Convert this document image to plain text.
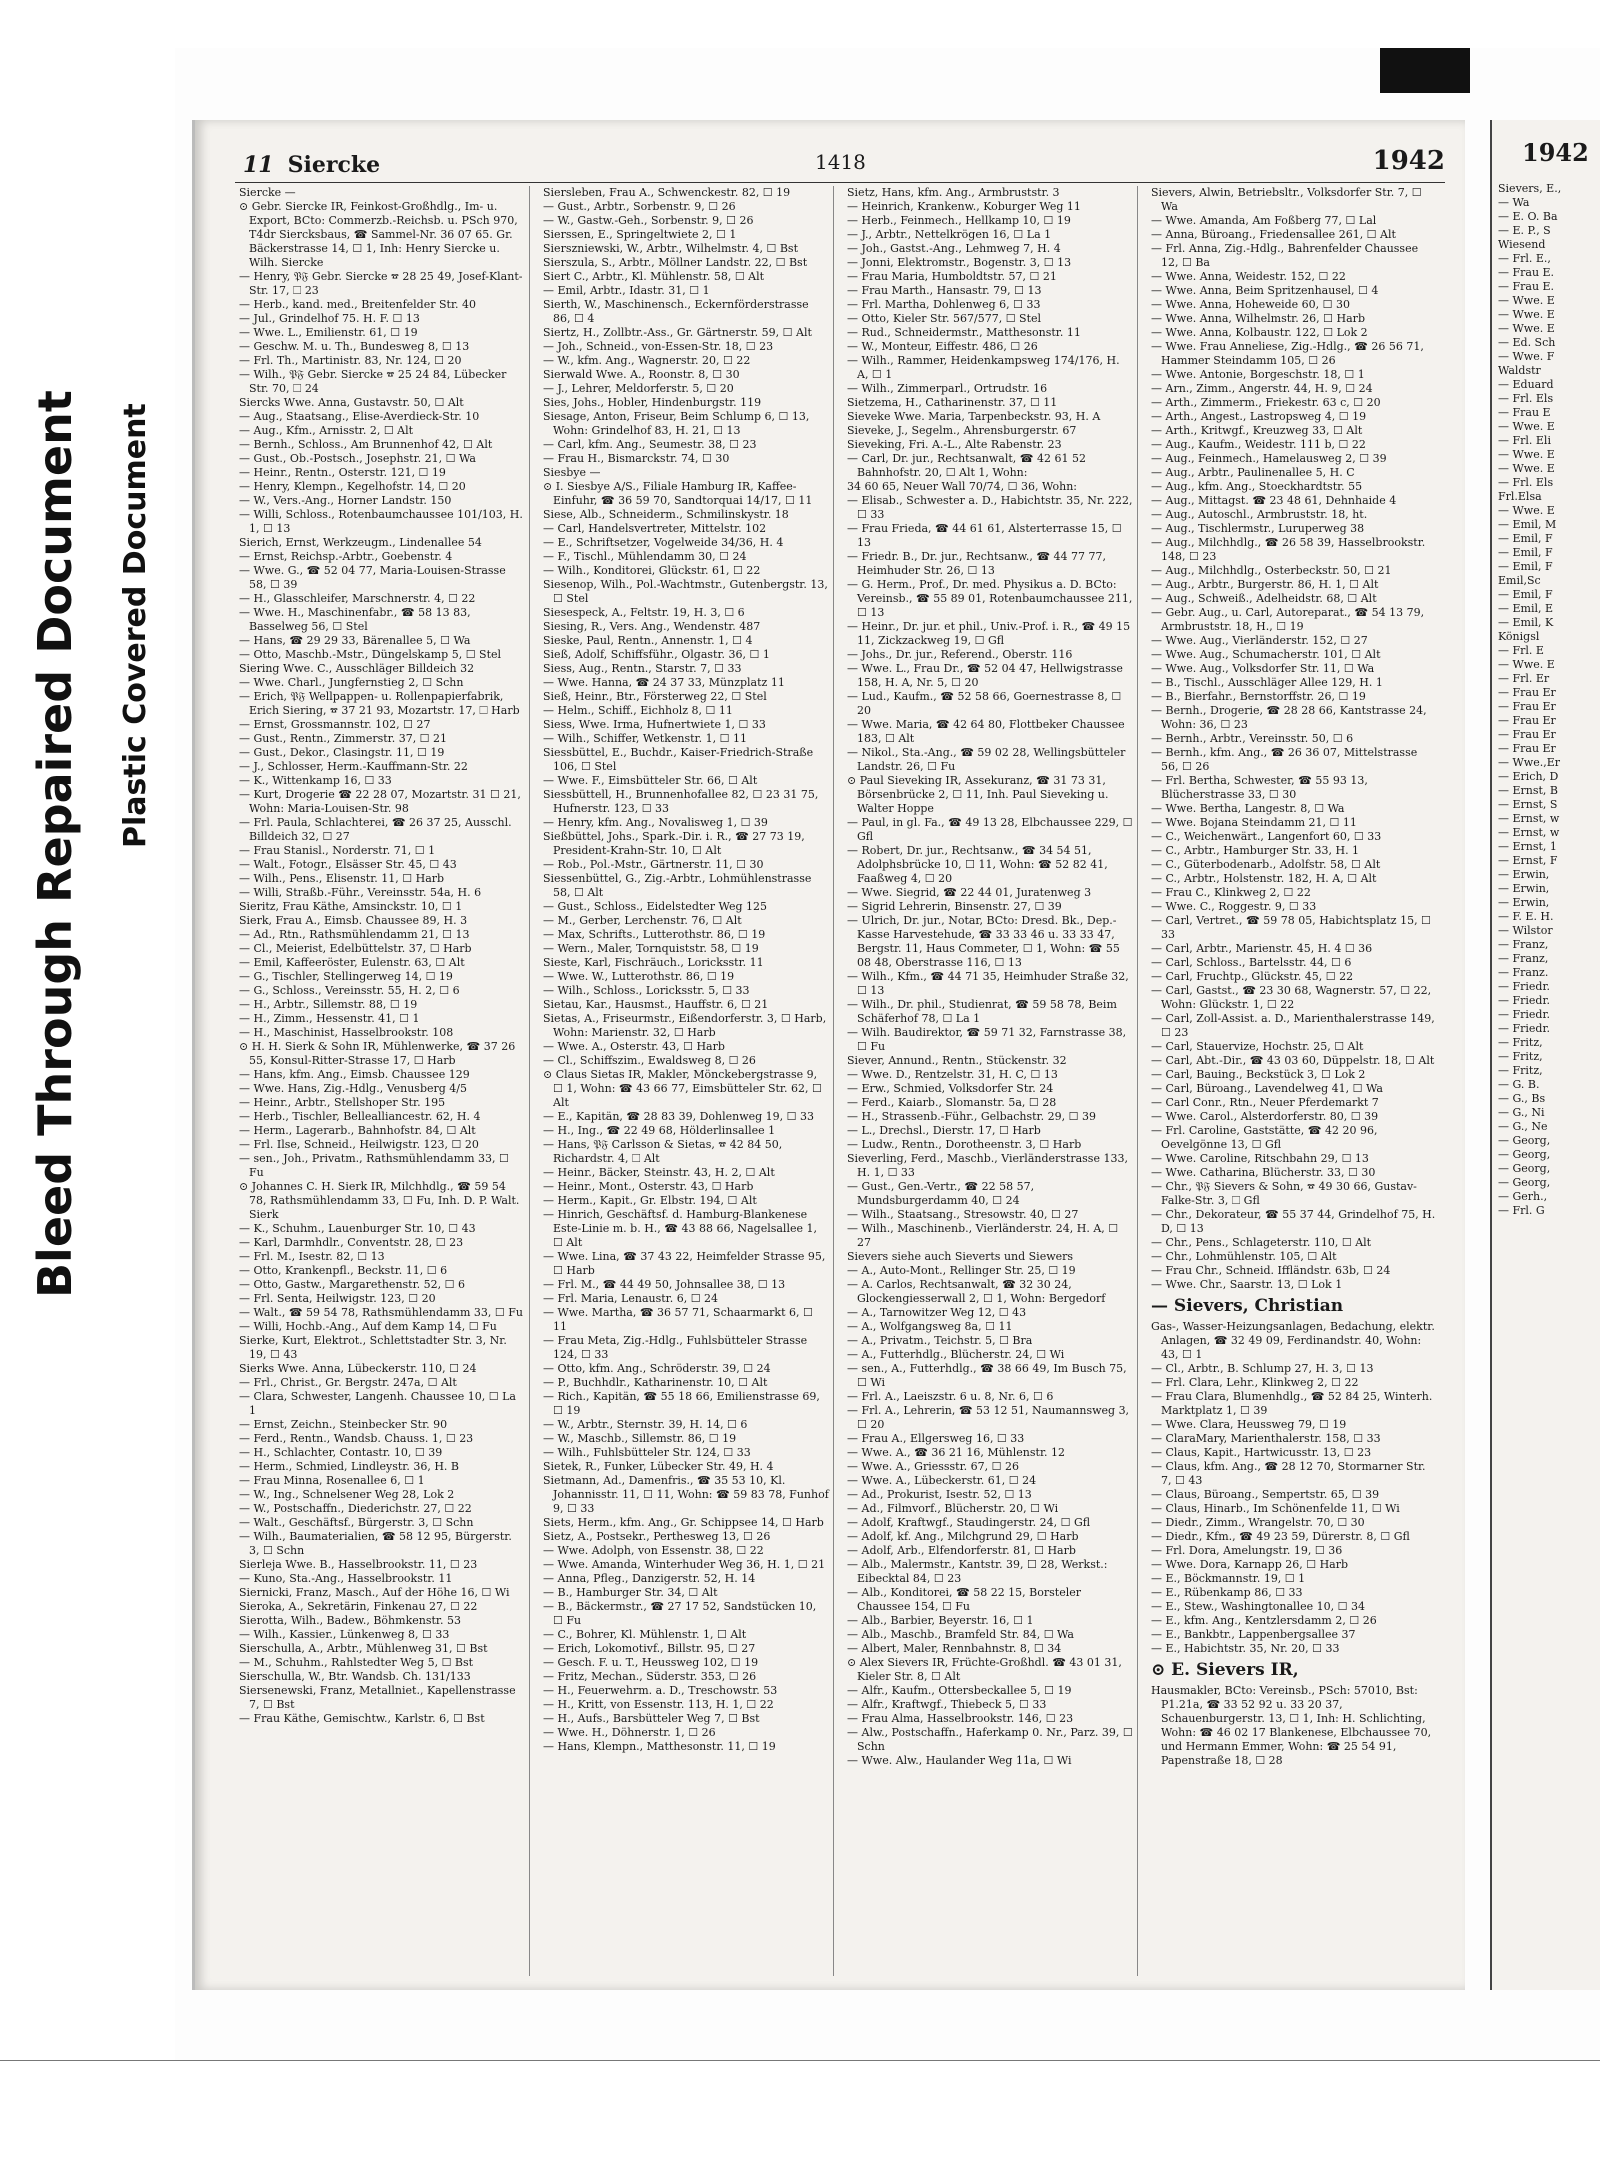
Bleed Through Repaired Document Plastic Covered Document
11 Siercke	1418	1942

Siercke —

⊙ Gebr. Siercke IR, Feinkost-Großhdlg., Im- u. Export, BCto: Commerzb.-Reichsb. u. PSch 970, T4dr Siercksbaus, ☎ Sammel-Nr. 36 07 65. Gr. Bäckerstrasse 14, ☐ 1, Inh: Henry Siercke u. Wilh. Siercke

— Henry, 𝔓𝔉 Gebr. Siercke ☎ 28 25 49, Josef-Klant-Str. 17, ☐ 23

— Herb., kand. med., Breitenfelder Str. 40

— Jul., Grindelhof 75. H. F. ☐ 13

— Wwe. L., Emilienstr. 61, ☐ 19

— Geschw. M. u. Th., Bundesweg 8, ☐ 13

— Frl. Th., Martinistr. 83, Nr. 124, ☐ 20

— Wilh., 𝔓𝔉 Gebr. Siercke ☎ 25 24 84, Lübecker Str. 70, ☐ 24

Siercks Wwe. Anna, Gustavstr. 50, ☐ Alt

— Aug., Staatsang., Elise-Averdieck-Str. 10

— Aug., Kfm., Arnisstr. 2, ☐ Alt

— Bernh., Schloss., Am Brunnenhof 42, ☐ Alt

— Gust., Ob.-Postsch., Josephstr. 21, ☐ Wa

— Heinr., Rentn., Osterstr. 121, ☐ 19

— Henry, Klempn., Kegelhofstr. 14, ☐ 20

— W., Vers.-Ang., Horner Landstr. 150

— Willi, Schloss., Rotenbaumchaussee 101/103, H. 1, ☐ 13

Sierich, Ernst, Werkzeugm., Lindenallee 54

— Ernst, Reichsp.-Arbtr., Goebenstr. 4

— Wwe. G., ☎ 52 04 77, Maria-Louisen-Strasse 58, ☐ 39

— H., Glasschleifer, Marschnerstr. 4, ☐ 22

— Wwe. H., Maschinenfabr., ☎ 58 13 83, Basselweg 56, ☐ Stel

— Hans, ☎ 29 29 33, Bärenallee 5, ☐ Wa

— Otto, Maschb.-Mstr., Düngelskamp 5, ☐ Stel

Siering Wwe. C., Ausschläger Billdeich 32

— Wwe. Charl., Jungfernstieg 2, ☐ Schn

— Erich, 𝔓𝔉 Wellpappen- u. Rollenpapierfabrik, Erich Siering, ☎ 37 21 93, Mozartstr. 17, ☐ Harb

— Ernst, Grossmannstr. 102, ☐ 27

— Gust., Rentn., Zimmerstr. 37, ☐ 21

— Gust., Dekor., Clasingstr. 11, ☐ 19

— J., Schlosser, Herm.-Kauffmann-Str. 22

— K., Wittenkamp 16, ☐ 33

— Kurt, Drogerie ☎ 22 28 07, Mozartstr. 31 ☐ 21, Wohn: Maria-Louisen-Str. 98

— Frl. Paula, Schlachterei, ☎ 26 37 25, Ausschl. Billdeich 32, ☐ 27

— Frau Stanisl., Norderstr. 71, ☐ 1

— Walt., Fotogr., Elsässer Str. 45, ☐ 43

— Wilh., Pens., Elisenstr. 11, ☐ Harb

— Willi, Straßb.-Führ., Vereinsstr. 54a, H. 6

Sieritz, Frau Käthe, Amsinckstr. 10, ☐ 1

Sierk, Frau A., Eimsb. Chaussee 89, H. 3

— Ad., Rtn., Rathsmühlendamm 21, ☐ 13

— Cl., Meierist, Edelbüttelstr. 37, ☐ Harb

— Emil, Kaffeeröster, Eulenstr. 63, ☐ Alt

— G., Tischler, Stellingerweg 14, ☐ 19

— G., Schloss., Vereinsstr. 55, H. 2, ☐ 6

— H., Arbtr., Sillemstr. 88, ☐ 19

— H., Zimm., Hessenstr. 41, ☐ 1

— H., Maschinist, Hasselbrookstr. 108

⊙ H. H. Sierk & Sohn IR, Mühlenwerke, ☎ 37 26 55, Konsul-Ritter-Strasse 17, ☐ Harb

— Hans, kfm. Ang., Eimsb. Chaussee 129

— Wwe. Hans, Zig.-Hdlg., Venusberg 4/5

— Heinr., Arbtr., Stellshoper Str. 195

— Herb., Tischler, Bellealliancestr. 62, H. 4

— Herm., Lagerarb., Bahnhofstr. 84, ☐ Alt

— Frl. Ilse, Schneid., Heilwigstr. 123, ☐ 20

— sen., Joh., Privatm., Rathsmühlendamm 33, ☐ Fu

⊙ Johannes C. H. Sierk IR, Milchhdlg., ☎ 59 54 78, Rathsmühlendamm 33, ☐ Fu, Inh. D. P. Walt. Sierk

— K., Schuhm., Lauenburger Str. 10, ☐ 43

— Karl, Darmhdlr., Conventstr. 28, ☐ 23

— Frl. M., Isestr. 82, ☐ 13

— Otto, Krankenpfl., Beckstr. 11, ☐ 6

— Otto, Gastw., Margarethenstr. 52, ☐ 6

— Frl. Senta, Heilwigstr. 123, ☐ 20

— Walt., ☎ 59 54 78, Rathsmühlendamm 33, ☐ Fu

— Willi, Hochb.-Ang., Auf dem Kamp 14, ☐ Fu

Sierke, Kurt, Elektrot., Schlettstadter Str. 3, Nr. 19, ☐ 43

Sierks Wwe. Anna, Lübeckerstr. 110, ☐ 24

— Frl., Christ., Gr. Bergstr. 247a, ☐ Alt

— Clara, Schwester, Langenh. Chaussee 10, ☐ La 1

— Ernst, Zeichn., Steinbecker Str. 90

— Ferd., Rentn., Wandsb. Chauss. 1, ☐ 23

— H., Schlachter, Contastr. 10, ☐ 39

— Herm., Schmied, Lindleystr. 36, H. B

— Frau Minna, Rosenallee 6, ☐ 1

— W., Ing., Schnelsener Weg 28, Lok 2

— W., Postschaffn., Diederichstr. 27, ☐ 22

— Walt., Geschäftsf., Bürgerstr. 3, ☐ Schn

— Wilh., Baumaterialien, ☎ 58 12 95, Bürgerstr. 3, ☐ Schn

Sierleja Wwe. B., Hasselbrookstr. 11, ☐ 23

— Kuno, Sta.-Ang., Hasselbrookstr. 11

Siernicki, Franz, Masch., Auf der Höhe 16, ☐ Wi

Sieroka, A., Sekretärin, Finkenau 27, ☐ 22

Sierotta, Wilh., Badew., Böhmkenstr. 53

— Wilh., Kassier., Lünkenweg 8, ☐ 33

Sierschulla, A., Arbtr., Mühlenweg 31, ☐ Bst

— M., Schuhm., Rahlstedter Weg 5, ☐ Bst

Sierschulla, W., Btr. Wandsb. Ch. 131/133

Siersenewski, Franz, Metallniet., Kapellenstrasse 7, ☐ Bst

— Frau Käthe, Gemischtw., Karlstr. 6, ☐ Bst

Siersleben, Frau A., Schwenckestr. 82, ☐ 19

— Gust., Arbtr., Sorbenstr. 9, ☐ 26

— W., Gastw.-Geh., Sorbenstr. 9, ☐ 26

Sierssen, E., Springeltwiete 2, ☐ 1

Sierszniewski, W., Arbtr., Wilhelmstr. 4, ☐ Bst

Sierszula, S., Arbtr., Möllner Landstr. 22, ☐ Bst

Siert C., Arbtr., Kl. Mühlenstr. 58, ☐ Alt

— Emil, Arbtr., Idastr. 31, ☐ 1

Sierth, W., Maschinensch., Eckernförderstrasse 86, ☐ 4

Siertz, H., Zollbtr.-Ass., Gr. Gärtnerstr. 59, ☐ Alt

— Joh., Schneid., von-Essen-Str. 18, ☐ 23

— W., kfm. Ang., Wagnerstr. 20, ☐ 22

Sierwald Wwe. A., Roonstr. 8, ☐ 30

— J., Lehrer, Meldorferstr. 5, ☐ 20

Sies, Johs., Hobler, Hindenburgstr. 119

Siesage, Anton, Friseur, Beim Schlump 6, ☐ 13, Wohn: Grindelhof 83, H. 21, ☐ 13

— Carl, kfm. Ang., Seumestr. 38, ☐ 23

— Frau H., Bismarckstr. 74, ☐ 30

Siesbye —

⊙ I. Siesbye A/S., Filiale Hamburg IR, Kaffee-Einfuhr, ☎ 36 59 70, Sandtorquai 14/17, ☐ 11

Siese, Alb., Schneiderm., Schmilinskystr. 18

— Carl, Handelsvertreter, Mittelstr. 102

— E., Schriftsetzer, Vogelweide 34/36, H. 4

— F., Tischl., Mühlendamm 30, ☐ 24

— Wilh., Konditorei, Glückstr. 61, ☐ 22

Siesenop, Wilh., Pol.-Wachtmstr., Gutenbergstr. 13, ☐ Stel

Siesespeck, A., Feltstr. 19, H. 3, ☐ 6

Siesing, R., Vers. Ang., Wendenstr. 487

Sieske, Paul, Rentn., Annenstr. 1, ☐ 4

Sieß, Adolf, Schiffsführ., Olgastr. 36, ☐ 1

Siess, Aug., Rentn., Starstr. 7, ☐ 33

— Wwe. Hanna, ☎ 24 37 33, Münzplatz 11

Sieß, Heinr., Btr., Försterweg 22, ☐ Stel

— Helm., Schiff., Eichholz 8, ☐ 11

Siess, Wwe. Irma, Hufnertwiete 1, ☐ 33

— Wilh., Schiffer, Wetkenstr. 1, ☐ 11

Siessbüttel, E., Buchdr., Kaiser-Friedrich-Straße 106, ☐ Stel

— Wwe. F., Eimsbütteler Str. 66, ☐ Alt

Siessbüttell, H., Brunnenhofallee 82, ☐ 23 31 75, Hufnerstr. 123, ☐ 33

— Henry, kfm. Ang., Novalisweg 1, ☐ 39

Sießbüttel, Johs., Spark.-Dir. i. R., ☎ 27 73 19, President-Krahn-Str. 10, ☐ Alt

— Rob., Pol.-Mstr., Gärtnerstr. 11, ☐ 30

Siessenbüttel, G., Zig.-Arbtr., Lohmühlenstrasse 58, ☐ Alt

— Gust., Schloss., Eidelstedter Weg 125

— M., Gerber, Lerchenstr. 76, ☐ Alt

— Max, Schrifts., Lutterothstr. 86, ☐ 19

— Wern., Maler, Tornquiststr. 58, ☐ 19

Sieste, Karl, Fischräuch., Loricksstr. 11

— Wwe. W., Lutterothstr. 86, ☐ 19

— Wilh., Schloss., Loricksstr. 5, ☐ 33

Sietau, Kar., Hausmst., Hauffstr. 6, ☐ 21

Sietas, A., Friseurmstr., Eißendorferstr. 3, ☐ Harb, Wohn: Marienstr. 32, ☐ Harb

— Wwe. A., Osterstr. 43, ☐ Harb

— Cl., Schiffszim., Ewaldsweg 8, ☐ 26

⊙ Claus Sietas IR, Makler, Mönckebergstrasse 9, ☐ 1, Wohn: ☎ 43 66 77, Eimsbütteler Str. 62, ☐ Alt

— E., Kapitän, ☎ 28 83 39, Dohlenweg 19, ☐ 33

— H., Ing., ☎ 22 49 68, Hölderlinsallee 1

— Hans, 𝔓𝔉 Carlsson & Sietas, ☎ 42 84 50, Richardstr. 4, ☐ Alt

— Heinr., Bäcker, Steinstr. 43, H. 2, ☐ Alt

— Heinr., Mont., Osterstr. 43, ☐ Harb

— Herm., Kapit., Gr. Elbstr. 194, ☐ Alt

— Hinrich, Geschäftsf. d. Hamburg-Blankenese Este-Linie m. b. H., ☎ 43 88 66, Nagelsallee 1, ☐ Alt

— Wwe. Lina, ☎ 37 43 22, Heimfelder Strasse 95, ☐ Harb

— Frl. M., ☎ 44 49 50, Johnsallee 38, ☐ 13

— Frl. Maria, Lenaustr. 6, ☐ 24

— Wwe. Martha, ☎ 36 57 71, Schaarmarkt 6, ☐ 11

— Frau Meta, Zig.-Hdlg., Fuhlsbütteler Strasse 124, ☐ 33

— Otto, kfm. Ang., Schröderstr. 39, ☐ 24

— P., Buchhdlr., Katharinenstr. 10, ☐ Alt

— Rich., Kapitän, ☎ 55 18 66, Emilienstrasse 69, ☐ 19

— W., Arbtr., Sternstr. 39, H. 14, ☐ 6

— W., Maschb., Sillemstr. 86, ☐ 19

— Wilh., Fuhlsbütteler Str. 124, ☐ 33

Sietek, R., Funker, Lübecker Str. 49, H. 4

Sietmann, Ad., Damenfris., ☎ 35 53 10, Kl. Johannisstr. 11, ☐ 11, Wohn: ☎ 59 83 78, Funhof 9, ☐ 33

Siets, Herm., kfm. Ang., Gr. Schippsee 14, ☐ Harb

Sietz, A., Postsekr., Perthesweg 13, ☐ 26

— Wwe. Adolph, von Essenstr. 38, ☐ 22

— Wwe. Amanda, Winterhuder Weg 36, H. 1, ☐ 21

— Anna, Pfleg., Danzigerstr. 52, H. 14

— B., Hamburger Str. 34, ☐ Alt

— B., Bäckermstr., ☎ 27 17 52, Sandstücken 10, ☐ Fu

— C., Bohrer, Kl. Mühlenstr. 1, ☐ Alt

— Erich, Lokomotivf., Billstr. 95, ☐ 27

— Gesch. F. u. T., Heussweg 102, ☐ 19

— Fritz, Mechan., Süderstr. 353, ☐ 26

— H., Feuerwehrm. a. D., Treschowstr. 53

— H., Kritt, von Essenstr. 113, H. 1, ☐ 22

— H., Aufs., Barsbütteler Weg 7, ☐ Bst

— Wwe. H., Döhnerstr. 1, ☐ 26

— Hans, Klempn., Matthesonstr. 11, ☐ 19

Sietz, Hans, kfm. Ang., Armbruststr. 3

— Heinrich, Krankenw., Koburger Weg 11

— Herb., Feinmech., Hellkamp 10, ☐ 19

— J., Arbtr., Nettelkrögen 16, ☐ La 1

— Joh., Gastst.-Ang., Lehmweg 7, H. 4

— Jonni, Elektromstr., Bogenstr. 3, ☐ 13

— Frau Maria, Humboldtstr. 57, ☐ 21

— Frau Marth., Hansastr. 79, ☐ 13

— Frl. Martha, Dohlenweg 6, ☐ 33

— Otto, Kieler Str. 567/577, ☐ Stel

— Rud., Schneidermstr., Matthesonstr. 11

— W., Monteur, Eiffestr. 486, ☐ 26

— Wilh., Rammer, Heidenkampsweg 174/176, H. A, ☐ 1

— Wilh., Zimmerparl., Ortrudstr. 16

Sietzema, H., Catharinenstr. 37, ☐ 11

Sieveke Wwe. Maria, Tarpenbeckstr. 93, H. A

Sieveke, J., Segelm., Ahrensburgerstr. 67

Sieveking, Fri. A.-L., Alte Rabenstr. 23

— Carl, Dr. jur., Rechtsanwalt, ☎ 42 61 52 Bahnhofstr. 20, ☐ Alt 1, Wohn:

34 60 65, Neuer Wall 70/74, ☐ 36, Wohn:

— Elisab., Schwester a. D., Habichtstr. 35, Nr. 222, ☐ 33

— Frau Frieda, ☎ 44 61 61, Alsterterrasse 15, ☐ 13

— Friedr. B., Dr. jur., Rechtsanw., ☎ 44 77 77, Heimhuder Str. 26, ☐ 13

— G. Herm., Prof., Dr. med. Physikus a. D. BCto: Vereinsb., ☎ 55 89 01, Rotenbaumchaussee 211, ☐ 13

— Heinr., Dr. jur. et phil., Univ.-Prof. i. R., ☎ 49 15 11, Zickzackweg 19, ☐ Gfl

— Johs., Dr. jur., Referend., Oberstr. 116

— Wwe. L., Frau Dr., ☎ 52 04 47, Hellwigstrasse 158, H. A, Nr. 5, ☐ 20

— Lud., Kaufm., ☎ 52 58 66, Goernestrasse 8, ☐ 20

— Wwe. Maria, ☎ 42 64 80, Flottbeker Chaussee 183, ☐ Alt

— Nikol., Sta.-Ang., ☎ 59 02 28, Wellingsbütteler Landstr. 26, ☐ Fu

⊙ Paul Sieveking IR, Assekuranz, ☎ 31 73 31, Börsenbrücke 2, ☐ 11, Inh. Paul Sieveking u. Walter Hoppe

— Paul, in gl. Fa., ☎ 49 13 28, Elbchaussee 229, ☐ Gfl

— Robert, Dr. jur., Rechtsanw., ☎ 34 54 51, Adolphsbrücke 10, ☐ 11, Wohn: ☎ 52 82 41, Faaßweg 4, ☐ 20

— Wwe. Siegrid, ☎ 22 44 01, Juratenweg 3

— Sigrid Lehrerin, Binsenstr. 27, ☐ 39

— Ulrich, Dr. jur., Notar, BCto: Dresd. Bk., Dep.-Kasse Harvestehude, ☎ 33 33 46 u. 33 33 47, Bergstr. 11, Haus Commeter, ☐ 1, Wohn: ☎ 55 08 48, Oberstrasse 116, ☐ 13

— Wilh., Kfm., ☎ 44 71 35, Heimhuder Straße 32, ☐ 13

— Wilh., Dr. phil., Studienrat, ☎ 59 58 78, Beim Schäferhof 78, ☐ La 1

— Wilh. Baudirektor, ☎ 59 71 32, Farnstrasse 38, ☐ Fu

Siever, Annund., Rentn., Stückenstr. 32

— Wwe. D., Rentzelstr. 31, H. C, ☐ 13

— Erw., Schmied, Volksdorfer Str. 24

— Ferd., Kaiarb., Slomanstr. 5a, ☐ 28

— H., Strassenb.-Führ., Gelbachstr. 29, ☐ 39

— L., Drechsl., Dierstr. 17, ☐ Harb

— Ludw., Rentn., Dorotheenstr. 3, ☐ Harb

Sieverling, Ferd., Maschb., Vierländerstrasse 133, H. 1, ☐ 33

— Gust., Gen.-Vertr., ☎ 22 58 57, Mundsburgerdamm 40, ☐ 24

— Wilh., Staatsang., Stresowstr. 40, ☐ 27

— Wilh., Maschinenb., Vierländerstr. 24, H. A, ☐ 27

Sievers siehe auch Sieverts und Siewers

— A., Auto-Mont., Rellinger Str. 25, ☐ 19

— A. Carlos, Rechtsanwalt, ☎ 32 30 24, Glockengiesserwall 2, ☐ 1, Wohn: Bergedorf

— A., Tarnowitzer Weg 12, ☐ 43

— A., Wolfgangsweg 8a, ☐ 11

— A., Privatm., Teichstr. 5, ☐ Bra

— A., Futterhdlg., Blücherstr. 24, ☐ Wi

— sen., A., Futterhdlg., ☎ 38 66 49, Im Busch 75, ☐ Wi

— Frl. A., Laeiszstr. 6 u. 8, Nr. 6, ☐ 6

— Frl. A., Lehrerin, ☎ 53 12 51, Naumannsweg 3, ☐ 20

— Frau A., Ellgersweg 16, ☐ 33

— Wwe. A., ☎ 36 21 16, Mühlenstr. 12

— Wwe. A., Griessstr. 67, ☐ 26

— Wwe. A., Lübeckerstr. 61, ☐ 24

— Ad., Prokurist, Isestr. 52, ☐ 13

— Ad., Filmvorf., Blücherstr. 20, ☐ Wi

— Adolf, Kraftwgf., Staudingerstr. 24, ☐ Gfl

— Adolf, kf. Ang., Milchgrund 29, ☐ Harb

— Adolf, Arb., Elfendorferstr. 81, ☐ Harb

— Alb., Malermstr., Kantstr. 39, ☐ 28, Werkst.: Eibecktal 84, ☐ 23

— Alb., Konditorei, ☎ 58 22 15, Borsteler Chaussee 154, ☐ Fu

— Alb., Barbier, Beyerstr. 16, ☐ 1

— Alb., Maschb., Bramfeld Str. 84, ☐ Wa

— Albert, Maler, Rennbahnstr. 8, ☐ 34

⊙ Alex Sievers IR, Früchte-Großhdl. ☎ 43 01 31, Kieler Str. 8, ☐ Alt

— Alfr., Kaufm., Ottersbeckallee 5, ☐ 19

— Alfr., Kraftwgf., Thiebeck 5, ☐ 33

— Frau Alma, Hasselbrookstr. 146, ☐ 23

— Alw., Postschaffn., Haferkamp 0. Nr., Parz. 39, ☐ Schn

— Wwe. Alw., Haulander Weg 11a, ☐ Wi

Sievers, Alwin, Betriebsltr., Volksdorfer Str. 7, ☐ Wa

— Wwe. Amanda, Am Foßberg 77, ☐ Lal

— Anna, Büroang., Friedensallee 261, ☐ Alt

— Frl. Anna, Zig.-Hdlg., Bahrenfelder Chaussee 12, ☐ Ba

— Wwe. Anna, Weidestr. 152, ☐ 22

— Wwe. Anna, Beim Spritzenhausel, ☐ 4

— Wwe. Anna, Hoheweide 60, ☐ 30

— Wwe. Anna, Wilhelmstr. 26, ☐ Harb

— Wwe. Anna, Kolbaustr. 122, ☐ Lok 2

— Wwe. Frau Anneliese, Zig.-Hdlg., ☎ 26 56 71, Hammer Steindamm 105, ☐ 26

— Wwe. Antonie, Borgeschstr. 18, ☐ 1

— Arn., Zimm., Angerstr. 44, H. 9, ☐ 24

— Arth., Zimmerm., Friekestr. 63 c, ☐ 20

— Arth., Angest., Lastropsweg 4, ☐ 19

— Arth., Kritwgf., Kreuzweg 33, ☐ Alt

— Aug., Kaufm., Weidestr. 111 b, ☐ 22

— Aug., Feinmech., Hamelausweg 2, ☐ 39

— Aug., Arbtr., Paulinenallee 5, H. C

— Aug., kfm. Ang., Stoeckhardtstr. 55

— Aug., Mittagst. ☎ 23 48 61, Dehnhaide 4

— Aug., Autoschl., Armbruststr. 18, ht.

— Aug., Tischlermstr., Luruperweg 38

— Aug., Milchhdlg., ☎ 26 58 39, Hasselbrookstr. 148, ☐ 23

— Aug., Milchhdlg., Osterbeckstr. 50, ☐ 21

— Aug., Arbtr., Burgerstr. 86, H. 1, ☐ Alt

— Aug., Schweiß., Adelheidstr. 68, ☐ Alt

— Gebr. Aug., u. Carl, Autoreparat., ☎ 54 13 79, Armbruststr. 18, H., ☐ 19

— Wwe. Aug., Vierländerstr. 152, ☐ 27

— Wwe. Aug., Schumacherstr. 101, ☐ Alt

— Wwe. Aug., Volksdorfer Str. 11, ☐ Wa

— B., Tischl., Ausschläger Allee 129, H. 1

— B., Bierfahr., Bernstorffstr. 26, ☐ 19

— Bernh., Drogerie, ☎ 28 28 66, Kantstrasse 24, Wohn: 36, ☐ 23

— Bernh., Arbtr., Vereinsstr. 50, ☐ 6

— Bernh., kfm. Ang., ☎ 26 36 07, Mittelstrasse 56, ☐ 26

— Frl. Bertha, Schwester, ☎ 55 93 13, Blücherstrasse 33, ☐ 30

— Wwe. Bertha, Langestr. 8, ☐ Wa

— Wwe. Bojana Steindamm 21, ☐ 11

— C., Weichenwärt., Langenfort 60, ☐ 33

— C., Arbtr., Hamburger Str. 33, H. 1

— C., Güterbodenarb., Adolfstr. 58, ☐ Alt

— C., Arbtr., Holstenstr. 182, H. A, ☐ Alt

— Frau C., Klinkweg 2, ☐ 22

— Wwe. C., Roggestr. 9, ☐ 33

— Carl, Vertret., ☎ 59 78 05, Habichtsplatz 15, ☐ 33

— Carl, Arbtr., Marienstr. 45, H. 4 ☐ 36

— Carl, Schloss., Bartelsstr. 44, ☐ 6

— Carl, Fruchtp., Glückstr. 45, ☐ 22

— Carl, Gastst., ☎ 23 30 68, Wagnerstr. 57, ☐ 22, Wohn: Glückstr. 1, ☐ 22

— Carl, Zoll-Assist. a. D., Marienthalerstrasse 149, ☐ 23

— Carl, Stauervize, Hochstr. 25, ☐ Alt

— Carl, Abt.-Dir., ☎ 43 03 60, Düppelstr. 18, ☐ Alt

— Carl, Bauing., Beckstück 3, ☐ Lok 2

— Carl, Büroang., Lavendelweg 41, ☐ Wa

— Carl Conr., Rtn., Neuer Pferdemarkt 7

— Wwe. Carol., Alsterdorferstr. 80, ☐ 39

— Frl. Caroline, Gaststätte, ☎ 42 20 96, Oevelgönne 13, ☐ Gfl

— Wwe. Caroline, Ritschbahn 29, ☐ 13

— Wwe. Catharina, Blücherstr. 33, ☐ 30

— Chr., 𝔓𝔉 Sievers & Sohn, ☎ 49 30 66, Gustav-Falke-Str. 3, ☐ Gfl

— Chr., Dekorateur, ☎ 55 37 44, Grindelhof 75, H. D, ☐ 13

— Chr., Pens., Schlageterstr. 110, ☐ Alt

— Chr., Lohmühlenstr. 105, ☐ Alt

— Frau Chr., Schneid. Iffländstr. 63b, ☐ 24

— Wwe. Chr., Saarstr. 13, ☐ Lok 1

— Sievers, Christian

Gas-, Wasser-Heizungsanlagen, Bedachung, elektr. Anlagen, ☎ 32 49 09, Ferdinandstr. 40, Wohn: 43, ☐ 1

— Cl., Arbtr., B. Schlump 27, H. 3, ☐ 13

— Frl. Clara, Lehr., Klinkweg 2, ☐ 22

— Frau Clara, Blumenhdlg., ☎ 52 84 25, Winterh. Marktplatz 1, ☐ 39

— Wwe. Clara, Heussweg 79, ☐ 19

— ClaraMary, Marienthalerstr. 158, ☐ 33

— Claus, Kapit., Hartwicusstr. 13, ☐ 23

— Claus, kfm. Ang., ☎ 28 12 70, Stormarner Str. 7, ☐ 43

— Claus, Büroang., Sempertstr. 65, ☐ 39

— Claus, Hinarb., Im Schönenfelde 11, ☐ Wi

— Diedr., Zimm., Wrangelstr. 70, ☐ 30

— Diedr., Kfm., ☎ 49 23 59, Dürerstr. 8, ☐ Gfl

— Frl. Dora, Amelungstr. 19, ☐ 36

— Wwe. Dora, Karnapp 26, ☐ Harb

— E., Böckmannstr. 19, ☐ 1

— E., Rübenkamp 86, ☐ 33

— E., Stew., Washingtonallee 10, ☐ 34

— E., kfm. Ang., Kentzlersdamm 2, ☐ 26

— E., Bankbtr., Lappenbergsallee 37

— E., Habichtstr. 35, Nr. 20, ☐ 33

⊙ E. Sievers IR,

Hausmakler, BCto: Vereinsb., PSch: 57010, Bst: P1.21a, ☎ 33 52 92 u. 33 20 37, Schauenburgerstr. 13, ☐ 1, Inh: H. Schlichting, Wohn: ☎ 46 02 17 Blankenese, Elbchaussee 70, und Hermann Emmer, Wohn: ☎ 25 54 91, Papenstraße 18, ☐ 28

1942
Sievers, E.,
— Wa
— E. O. Ba
— E. P., S
Wiesend
— Frl. E.,
— Frau E.
— Frau E.
— Wwe. E
— Wwe. E
— Wwe. E
— Ed. Sch
— Wwe. F
Waldstr
— Eduard
— Frl. Els
— Frau E
— Wwe. E
— Frl. Eli
— Wwe. E
— Wwe. E
— Frl. Els
Frl.Elsa
— Wwe. E
— Emil, M
— Emil, F
— Emil, F
— Emil, F
Emil,Sc
— Emil, F
— Emil, E
— Emil, K
Königsl
— Frl. E
— Wwe. E
— Frl. Er
— Frau Er
— Frau Er
— Frau Er
— Frau Er
— Frau Er
— Wwe.,Er
— Erich, D
— Ernst, B
— Ernst, S
— Ernst, w
— Ernst, w
— Ernst, 1
— Ernst, F
— Erwin,
— Erwin,
— Erwin,
— F. E. H.
— Wilstor
— Franz,
— Franz,
— Franz.
— Friedr.
— Friedr.
— Friedr.
— Friedr.
— Fritz,
— Fritz,
— Fritz,
— G. B.
— G., Bs
— G., Ni
— G., Ne
— Georg,
— Georg,
— Georg,
— Georg,
— Gerh.,
— Frl. G
